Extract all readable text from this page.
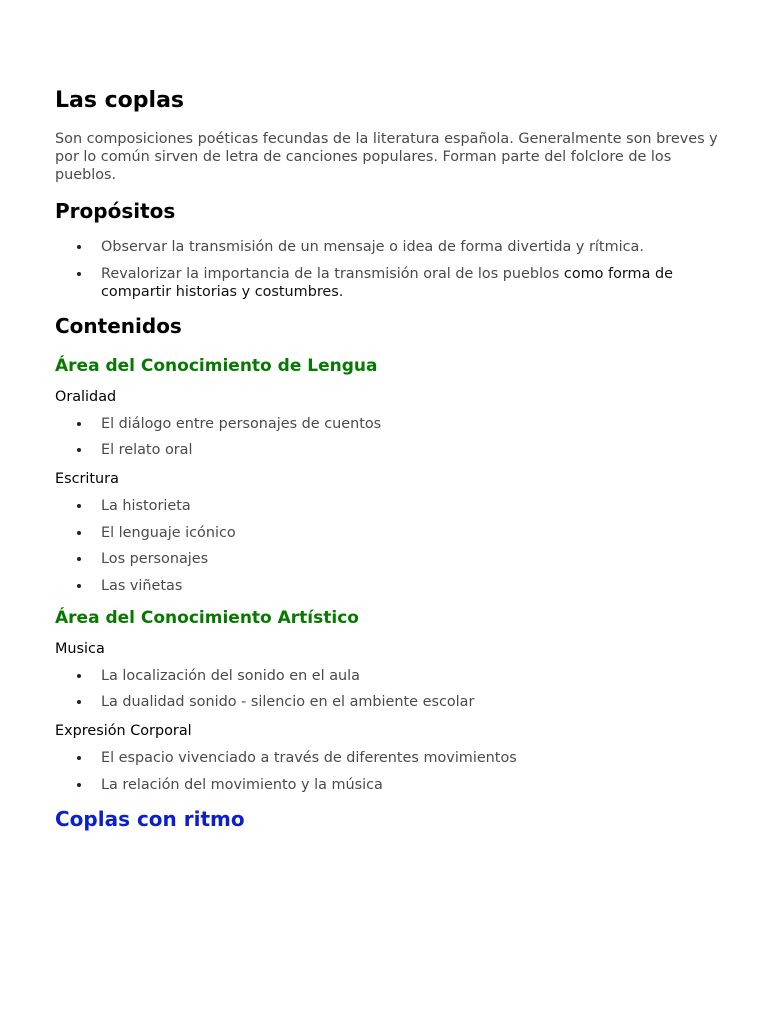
Las coplas

Son composiciones poéticas fecundas de la literatura española. Generalmente son breves y por lo común sirven de letra de canciones populares. Forman parte del folclore de los pueblos.

Propósitos
Observar la transmisión de un mensaje o idea de forma divertida y rítmica.
Revalorizar la importancia de la transmisión oral de los pueblos como forma de compartir historias y costumbres.
Contenidos
Área del Conocimiento de Lengua
Oralidad
El diálogo entre personajes de cuentos
El relato oral
Escritura
La historieta
El lenguaje icónico
Los personajes
Las viñetas
Área del Conocimiento Artístico
Musica
La localización del sonido en el aula
La dualidad sonido - silencio en el ambiente escolar
Expresión Corporal
El espacio vivenciado a través de diferentes movimientos
La relación del movimiento y la música
Coplas con ritmo
